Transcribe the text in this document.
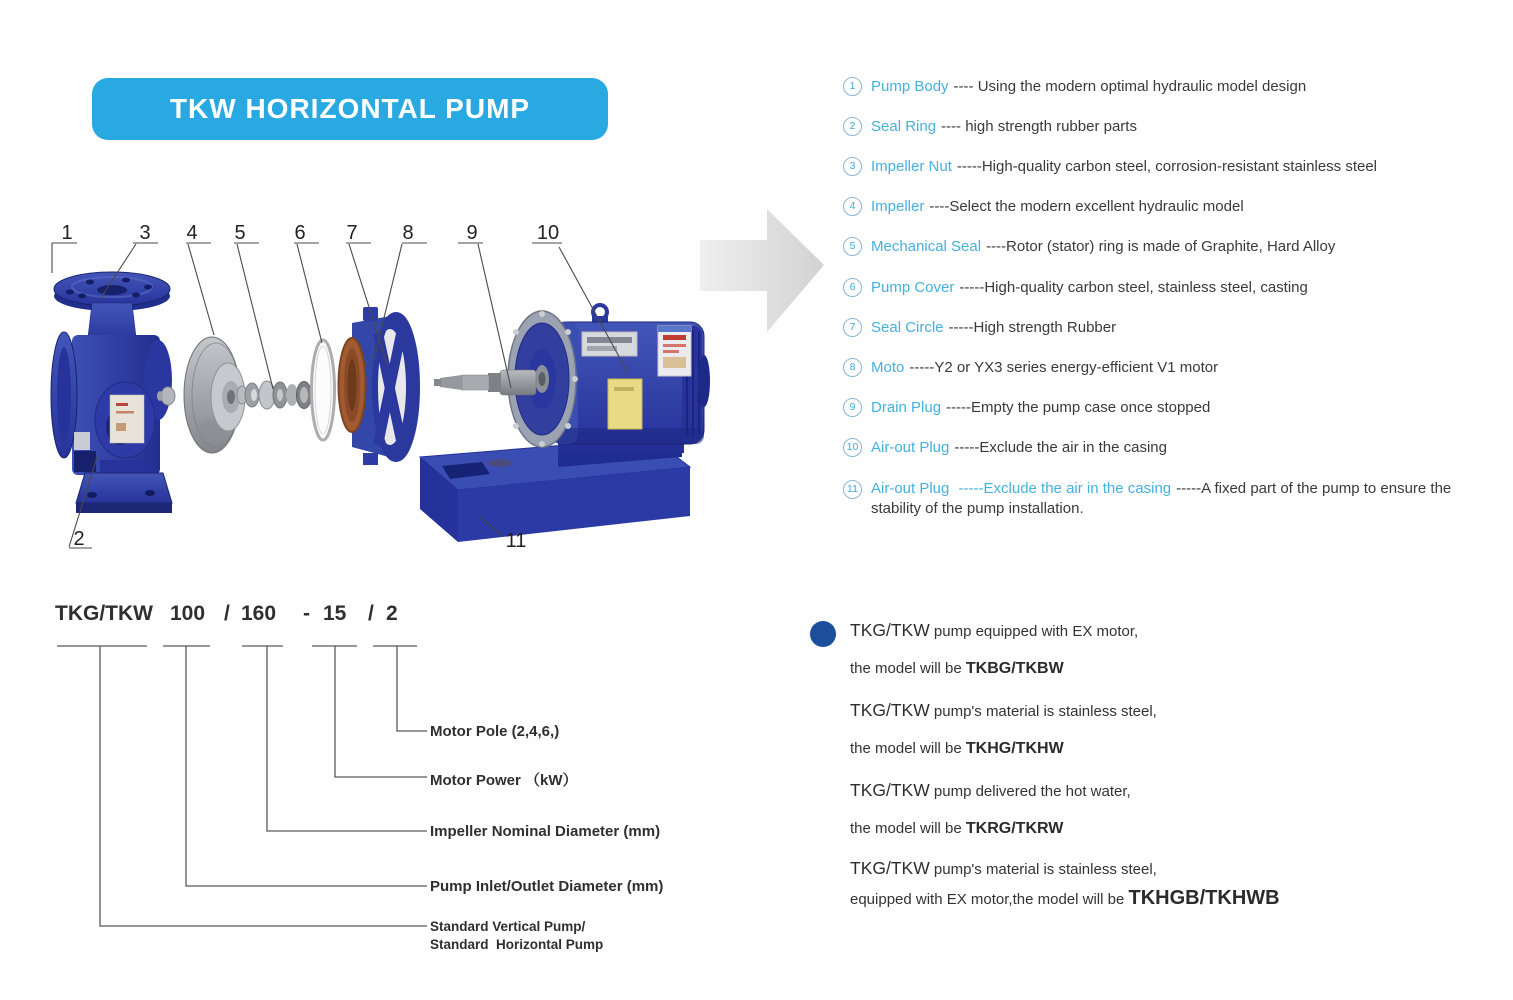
TKW HORIZONTAL PUMP
1	3 4 5 6 7 8	9	10
2	11
1	Pump Body ---- Using the modern optimal hydraulic model design
2	Seal Ring ---- high strength rubber parts
3	Impeller Nut -----High-quality carbon steel, corrosion-resistant stainless steel
4	Impeller ----Select the modern excellent hydraulic model
5	Mechanical Seal ----Rotor (stator) ring is made of Graphite, Hard Alloy
6	Pump Cover -----High-quality carbon steel, stainless steel, casting
7	Seal Circle -----High strength Rubber
8	Moto -----Y2 or YX3 series energy-efficient V1 motor
9	Drain Plug -----Empty the pump case once stopped
10 Air-out Plug -----Exclude the air in the casing
11 Air-out Plug -----Exclude the air in the casing -----A fixed part of the pump to ensure the stability of the pump installation.
TKG/TKW 100 / 160 - 15 / 2
Motor Pole (2,4,6,)
Motor Power （kW）
Impeller Nominal Diameter (mm)
Pump Inlet/Outlet Diameter (mm)
Standard Vertical Pump/
Standard  Horizontal Pump
TKG/TKW pump equipped with EX motor,
the model will be TKBG/TKBW
TKG/TKW pump's material is stainless steel,
the model will be TKHG/TKHW
TKG/TKW pump delivered the hot water,
the model will be TKRG/TKRW
TKG/TKW pump's material is stainless steel,
equipped with EX motor,the model will be TKHGB/TKHWB
